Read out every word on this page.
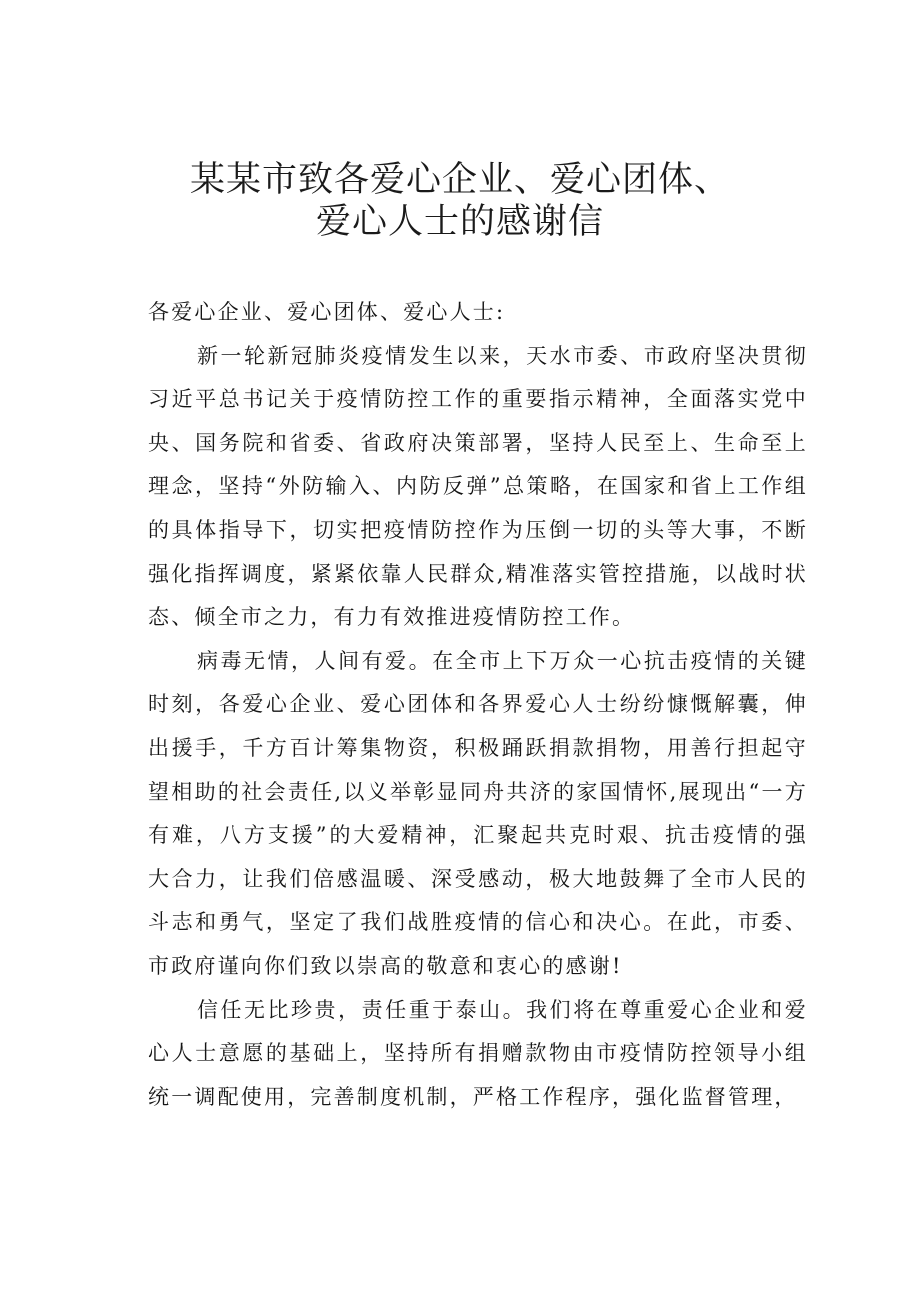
某某市致各爱心企业、爱心团体、
爱心人士的感谢信

各爱心企业、爱心团体、爱心人士:

新一轮新冠肺炎疫情发生以来，天水市委、市政府坚决贯彻习近平总书记关于疫情防控工作的重要指示精神，全面落实党中央、国务院和省委、省政府决策部署，坚持人民至上、生命至上理念，坚持“外防输入、内防反弹”总策略，在国家和省上工作组的具体指导下，切实把疫情防控作为压倒一切的头等大事，不断强化指挥调度，紧紧依靠人民群众,精准落实管控措施，以战时状态、倾全市之力，有力有效推进疫情防控工作。

病毒无情，人间有爱。在全市上下万众一心抗击疫情的关键时刻，各爱心企业、爱心团体和各界爱心人士纷纷慷慨解囊，伸出援手，千方百计筹集物资，积极踊跃捐款捐物，用善行担起守望相助的社会责任,以义举彰显同舟共济的家国情怀,展现出“一方有难，八方支援”的大爱精神，汇聚起共克时艰、抗击疫情的强大合力，让我们倍感温暖、深受感动，极大地鼓舞了全市人民的斗志和勇气，坚定了我们战胜疫情的信心和决心。在此，市委、市政府谨向你们致以崇高的敬意和衷心的感谢!

信任无比珍贵，责任重于泰山。我们将在尊重爱心企业和爱心人士意愿的基础上，坚持所有捐赠款物由市疫情防控领导小组统一调配使用，完善制度机制，严格工作程序，强化监督管理，
